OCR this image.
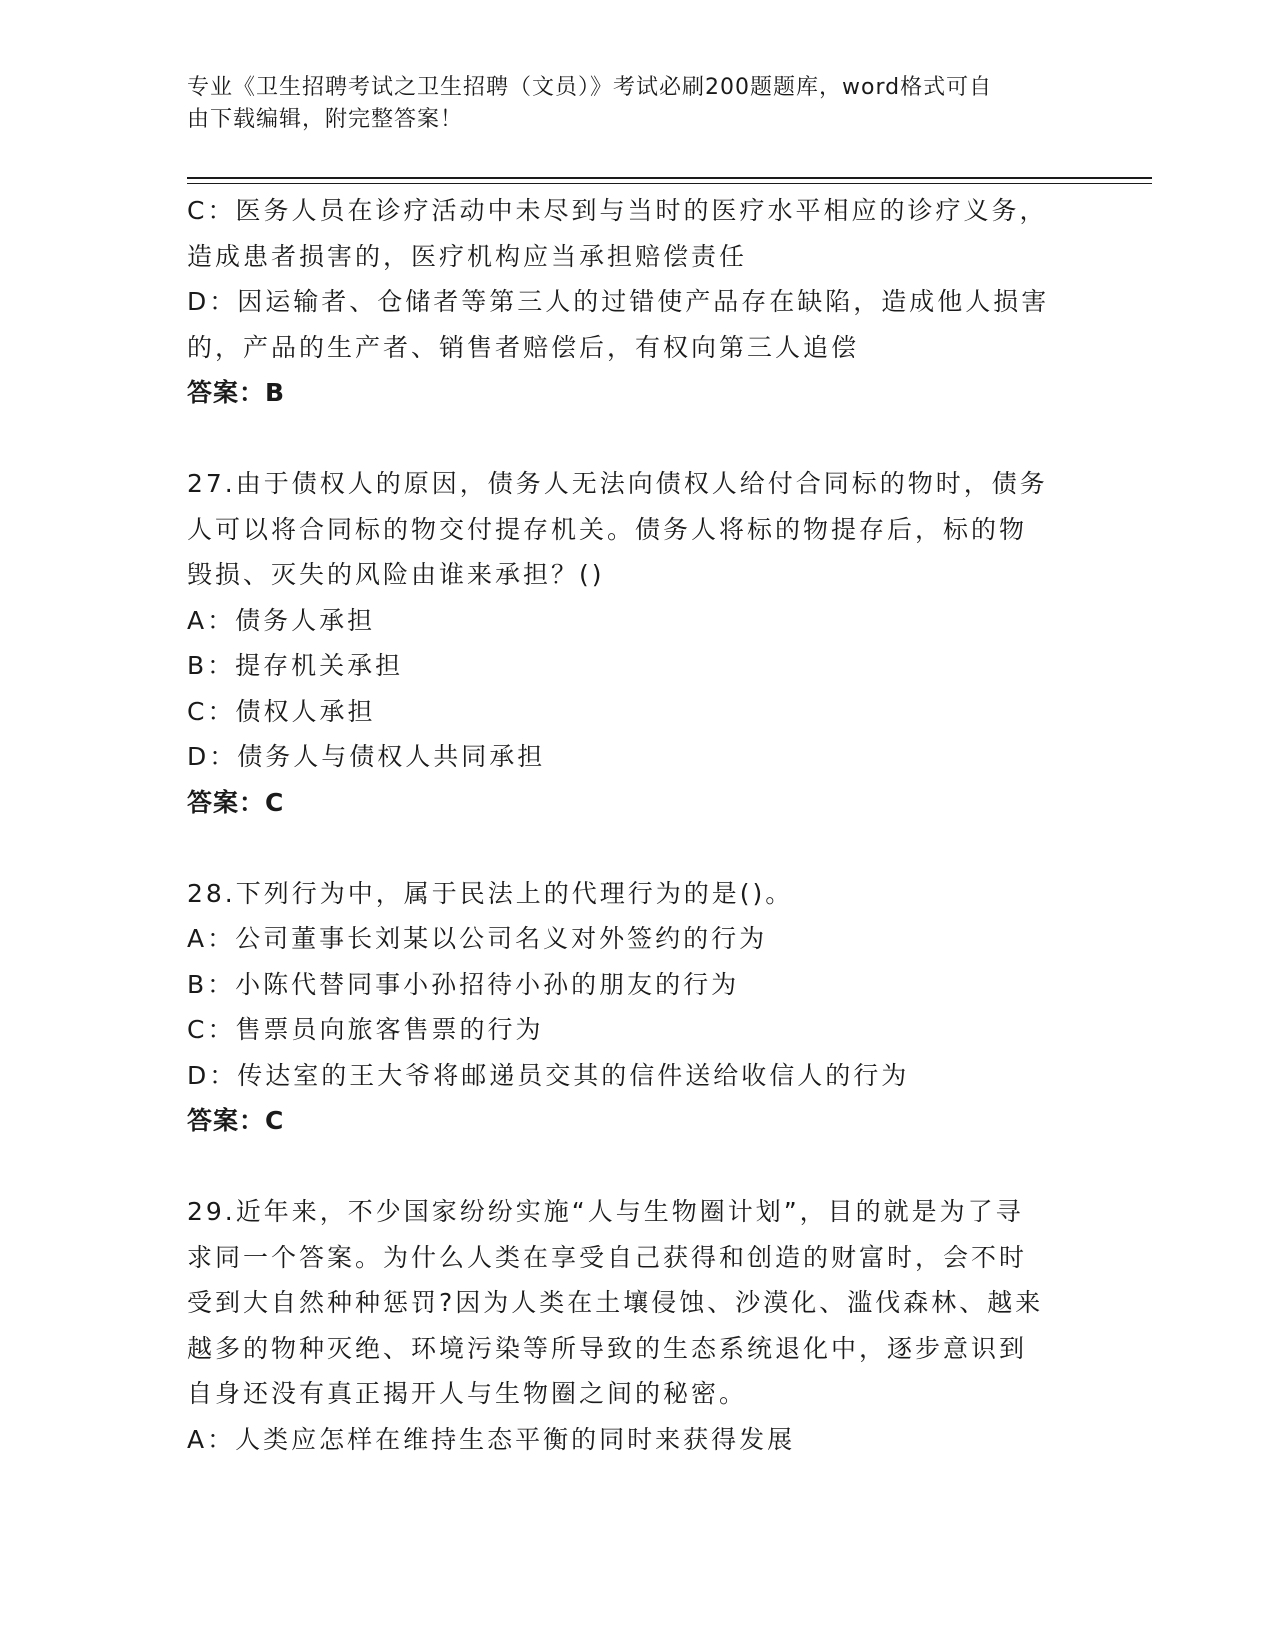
专业《卫生招聘考试之卫生招聘（文员）》考试必刷200题题库，word格式可自
由下载编辑，附完整答案！
C：医务人员在诊疗活动中未尽到与当时的医疗水平相应的诊疗义务，
造成患者损害的，医疗机构应当承担赔偿责任
D：因运输者、仓储者等第三人的过错使产品存在缺陷，造成他人损害
的，产品的生产者、销售者赔偿后，有权向第三人追偿
答案：B
27.由于债权人的原因，债务人无法向债权人给付合同标的物时，债务
人可以将合同标的物交付提存机关。债务人将标的物提存后，标的物
毁损、灭失的风险由谁来承担？()
A：债务人承担
B：提存机关承担
C：债权人承担
D：债务人与债权人共同承担
答案：C
28.下列行为中，属于民法上的代理行为的是()。
A：公司董事长刘某以公司名义对外签约的行为
B：小陈代替同事小孙招待小孙的朋友的行为
C：售票员向旅客售票的行为
D：传达室的王大爷将邮递员交其的信件送给收信人的行为
答案：C
29.近年来，不少国家纷纷实施“人与生物圈计划”，目的就是为了寻
求同一个答案。为什么人类在享受自己获得和创造的财富时，会不时
受到大自然种种惩罚?因为人类在土壤侵蚀、沙漠化、滥伐森林、越来
越多的物种灭绝、环境污染等所导致的生态系统退化中，逐步意识到
自身还没有真正揭开人与生物圈之间的秘密。
A：人类应怎样在维持生态平衡的同时来获得发展
